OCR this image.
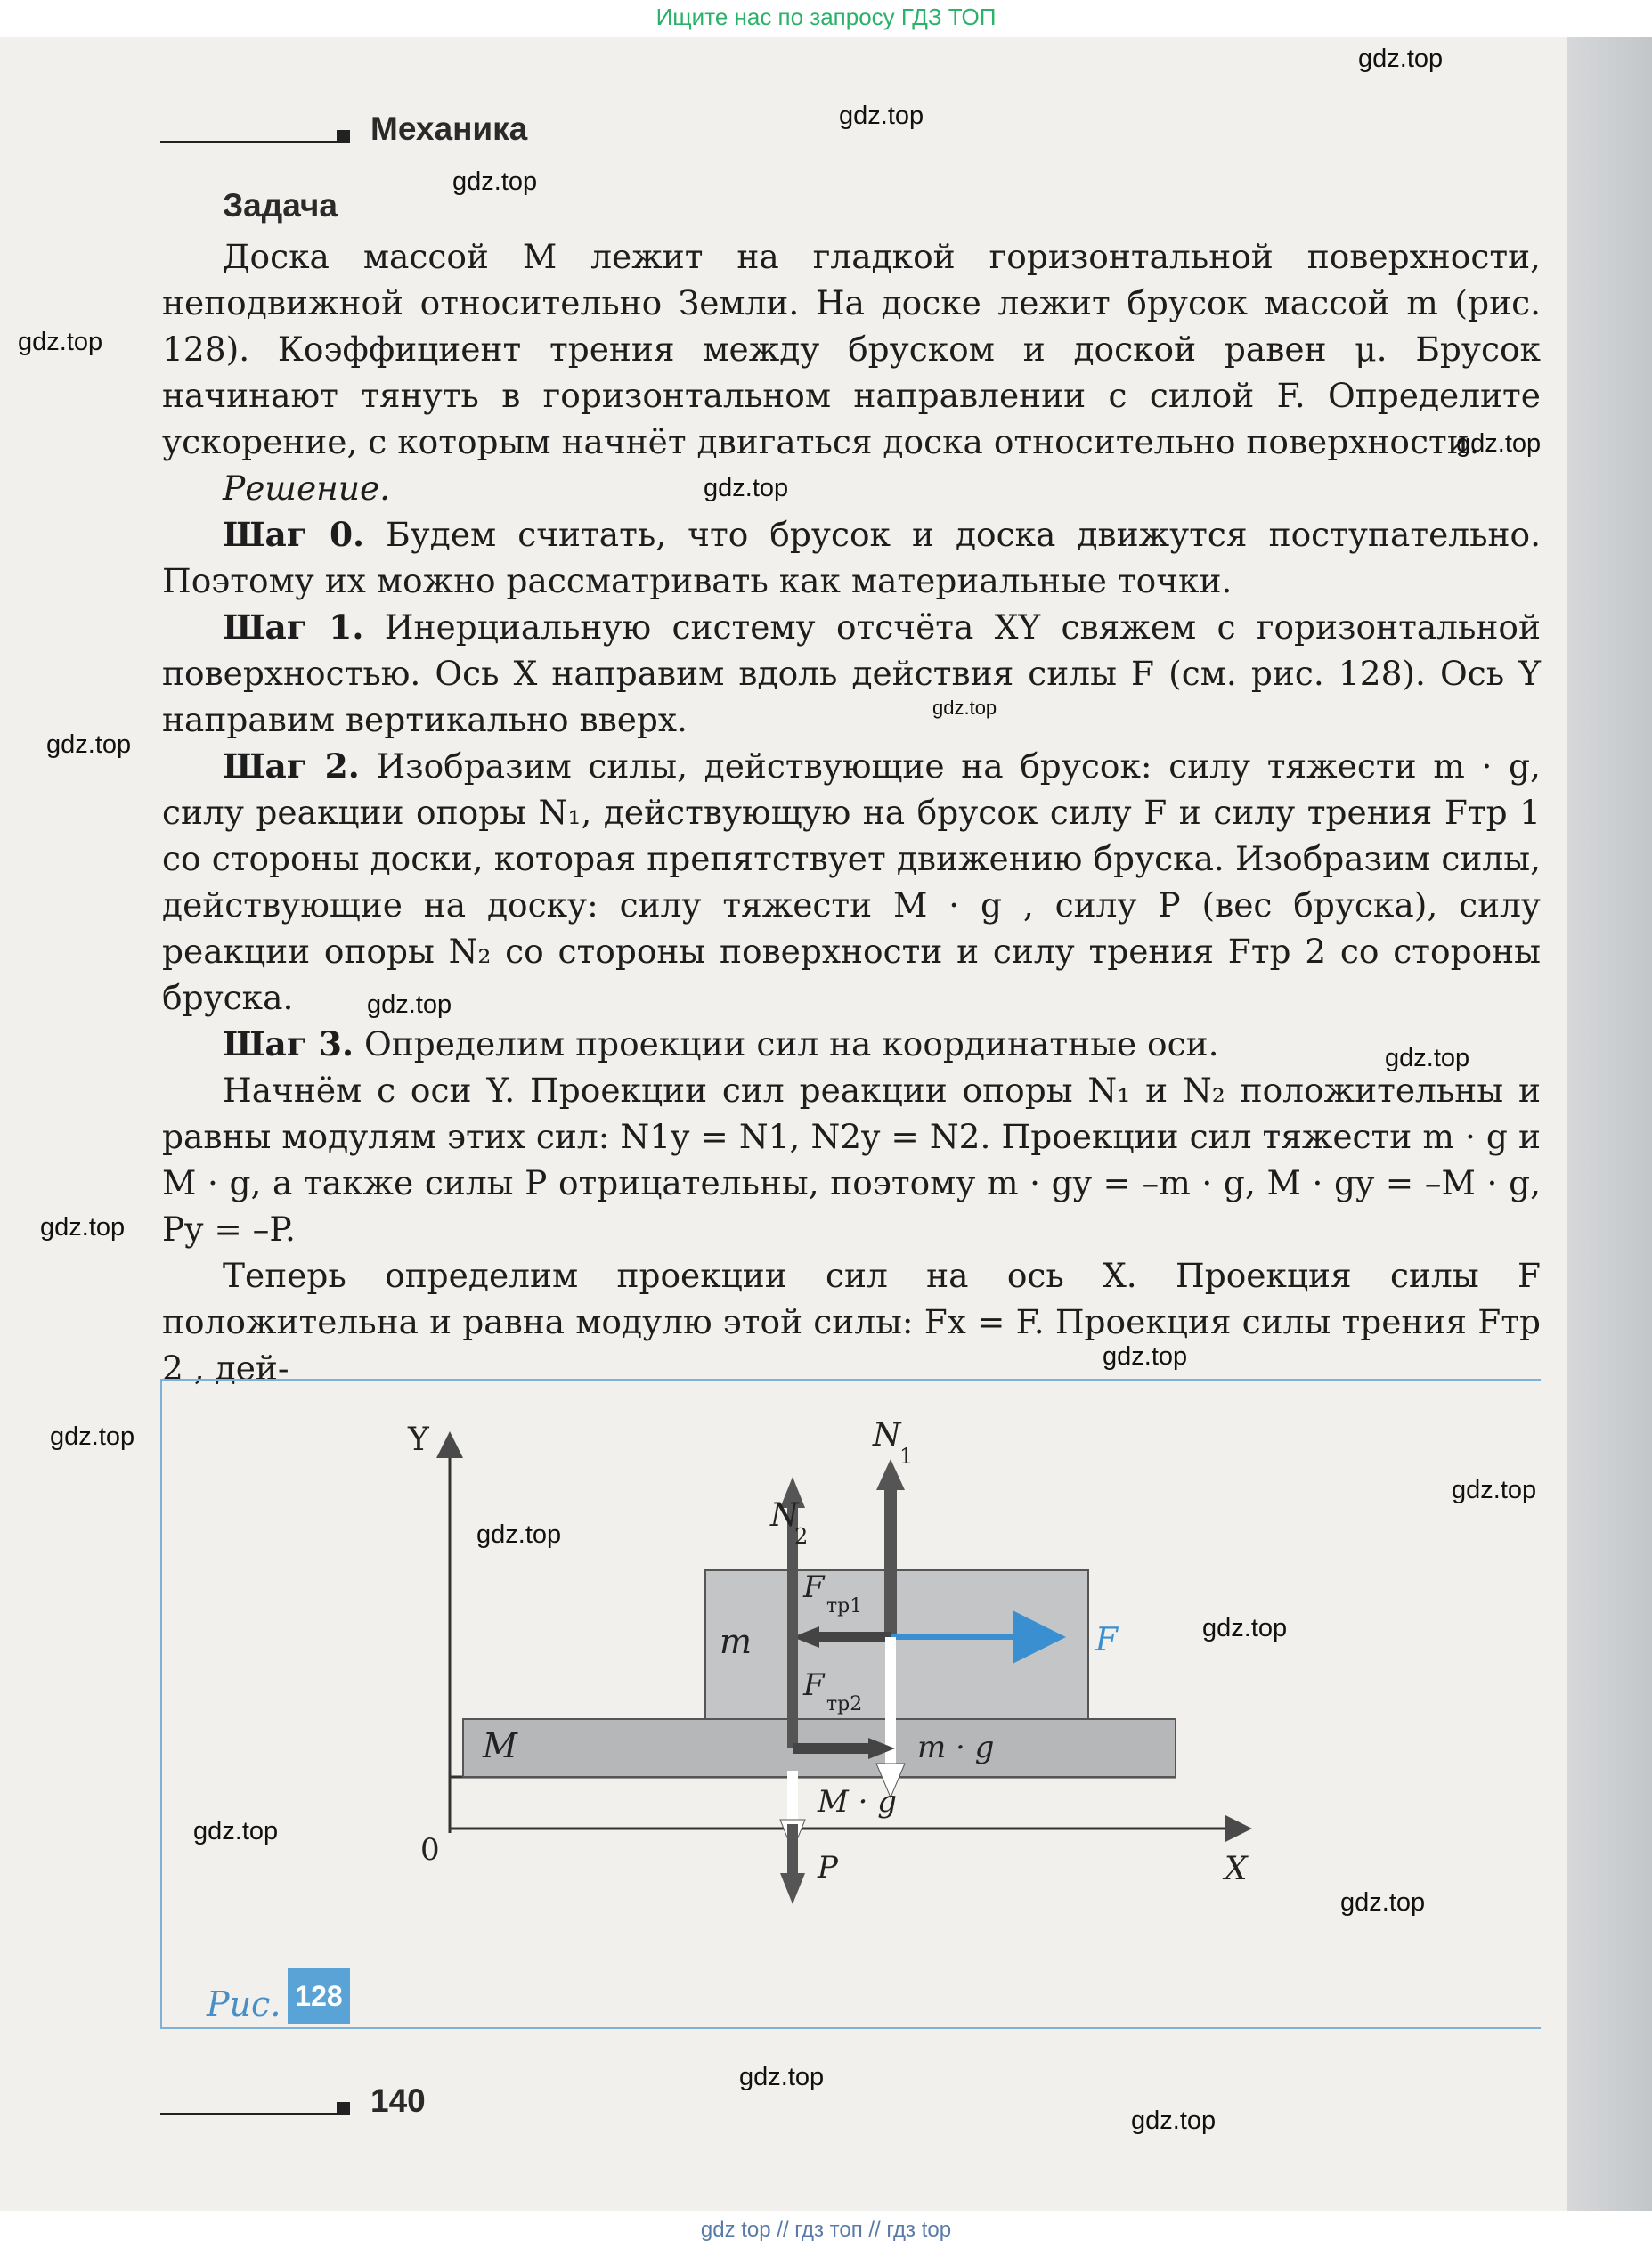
Ищите нас по запросу ГДЗ ТОП
Механика
Задача

Доска массой M лежит на гладкой горизонтальной поверхности, неподвижной относительно Земли. На доске лежит брусок массой m (рис. 128). Коэффициент трения между бруском и доской равен μ. Брусок начинают тянуть в горизонтальном направлении с силой F. Определите ускорение, с которым начнёт двигаться доска относительно поверхности.

Решение.

Шаг 0. Будем считать, что брусок и доска движутся поступательно. Поэтому их можно рассматривать как материальные точки.

Шаг 1. Инерциальную систему отсчёта XY свяжем с горизонтальной поверхностью. Ось X направим вдоль действия силы F (см. рис. 128). Ось Y направим вертикально вверх.

Шаг 2. Изобразим силы, действующие на брусок: силу тяжести m · g, силу реакции опоры N₁, действующую на брусок силу F и силу трения Fтр 1 со стороны доски, которая препятствует движению бруска. Изобразим силы, действующие на доску: силу тяжести M · g , силу P (вес бруска), силу реакции опоры N₂ со стороны поверхности и силу трения Fтр 2 со стороны бруска.

Шаг 3. Определим проекции сил на координатные оси.

Начнём с оси Y. Проекции сил реакции опоры N₁ и N₂ положительны и равны модулям этих сил: N1y = N1, N2y = N2. Проекции сил тяжести m · g и M · g, а также силы P отрицательны, поэтому m · gy = –m · g, M · gy = –M · g, Py = –P.

Теперь определим проекции сил на ось X. Проекция силы F положительна и равна модулю этой силы: Fx = F. Проекция силы трения Fтр 2 , дей-

Y
X
0
M
m
N
1
F
тр1
F
m · g
N
2
F
тр2
M · g
P
Рис. 128
140
gdz.top
gdz.top
gdz.top
gdz.top
gdz.top
gdz.top
gdz.top
gdz.top
gdz.top
gdz.top
gdz.top
gdz.top
gdz.top
gdz.top
gdz.top
gdz.top
gdz.top
gdz.top
gdz.top
gdz.top
gdz top // гдз топ // гдз top
